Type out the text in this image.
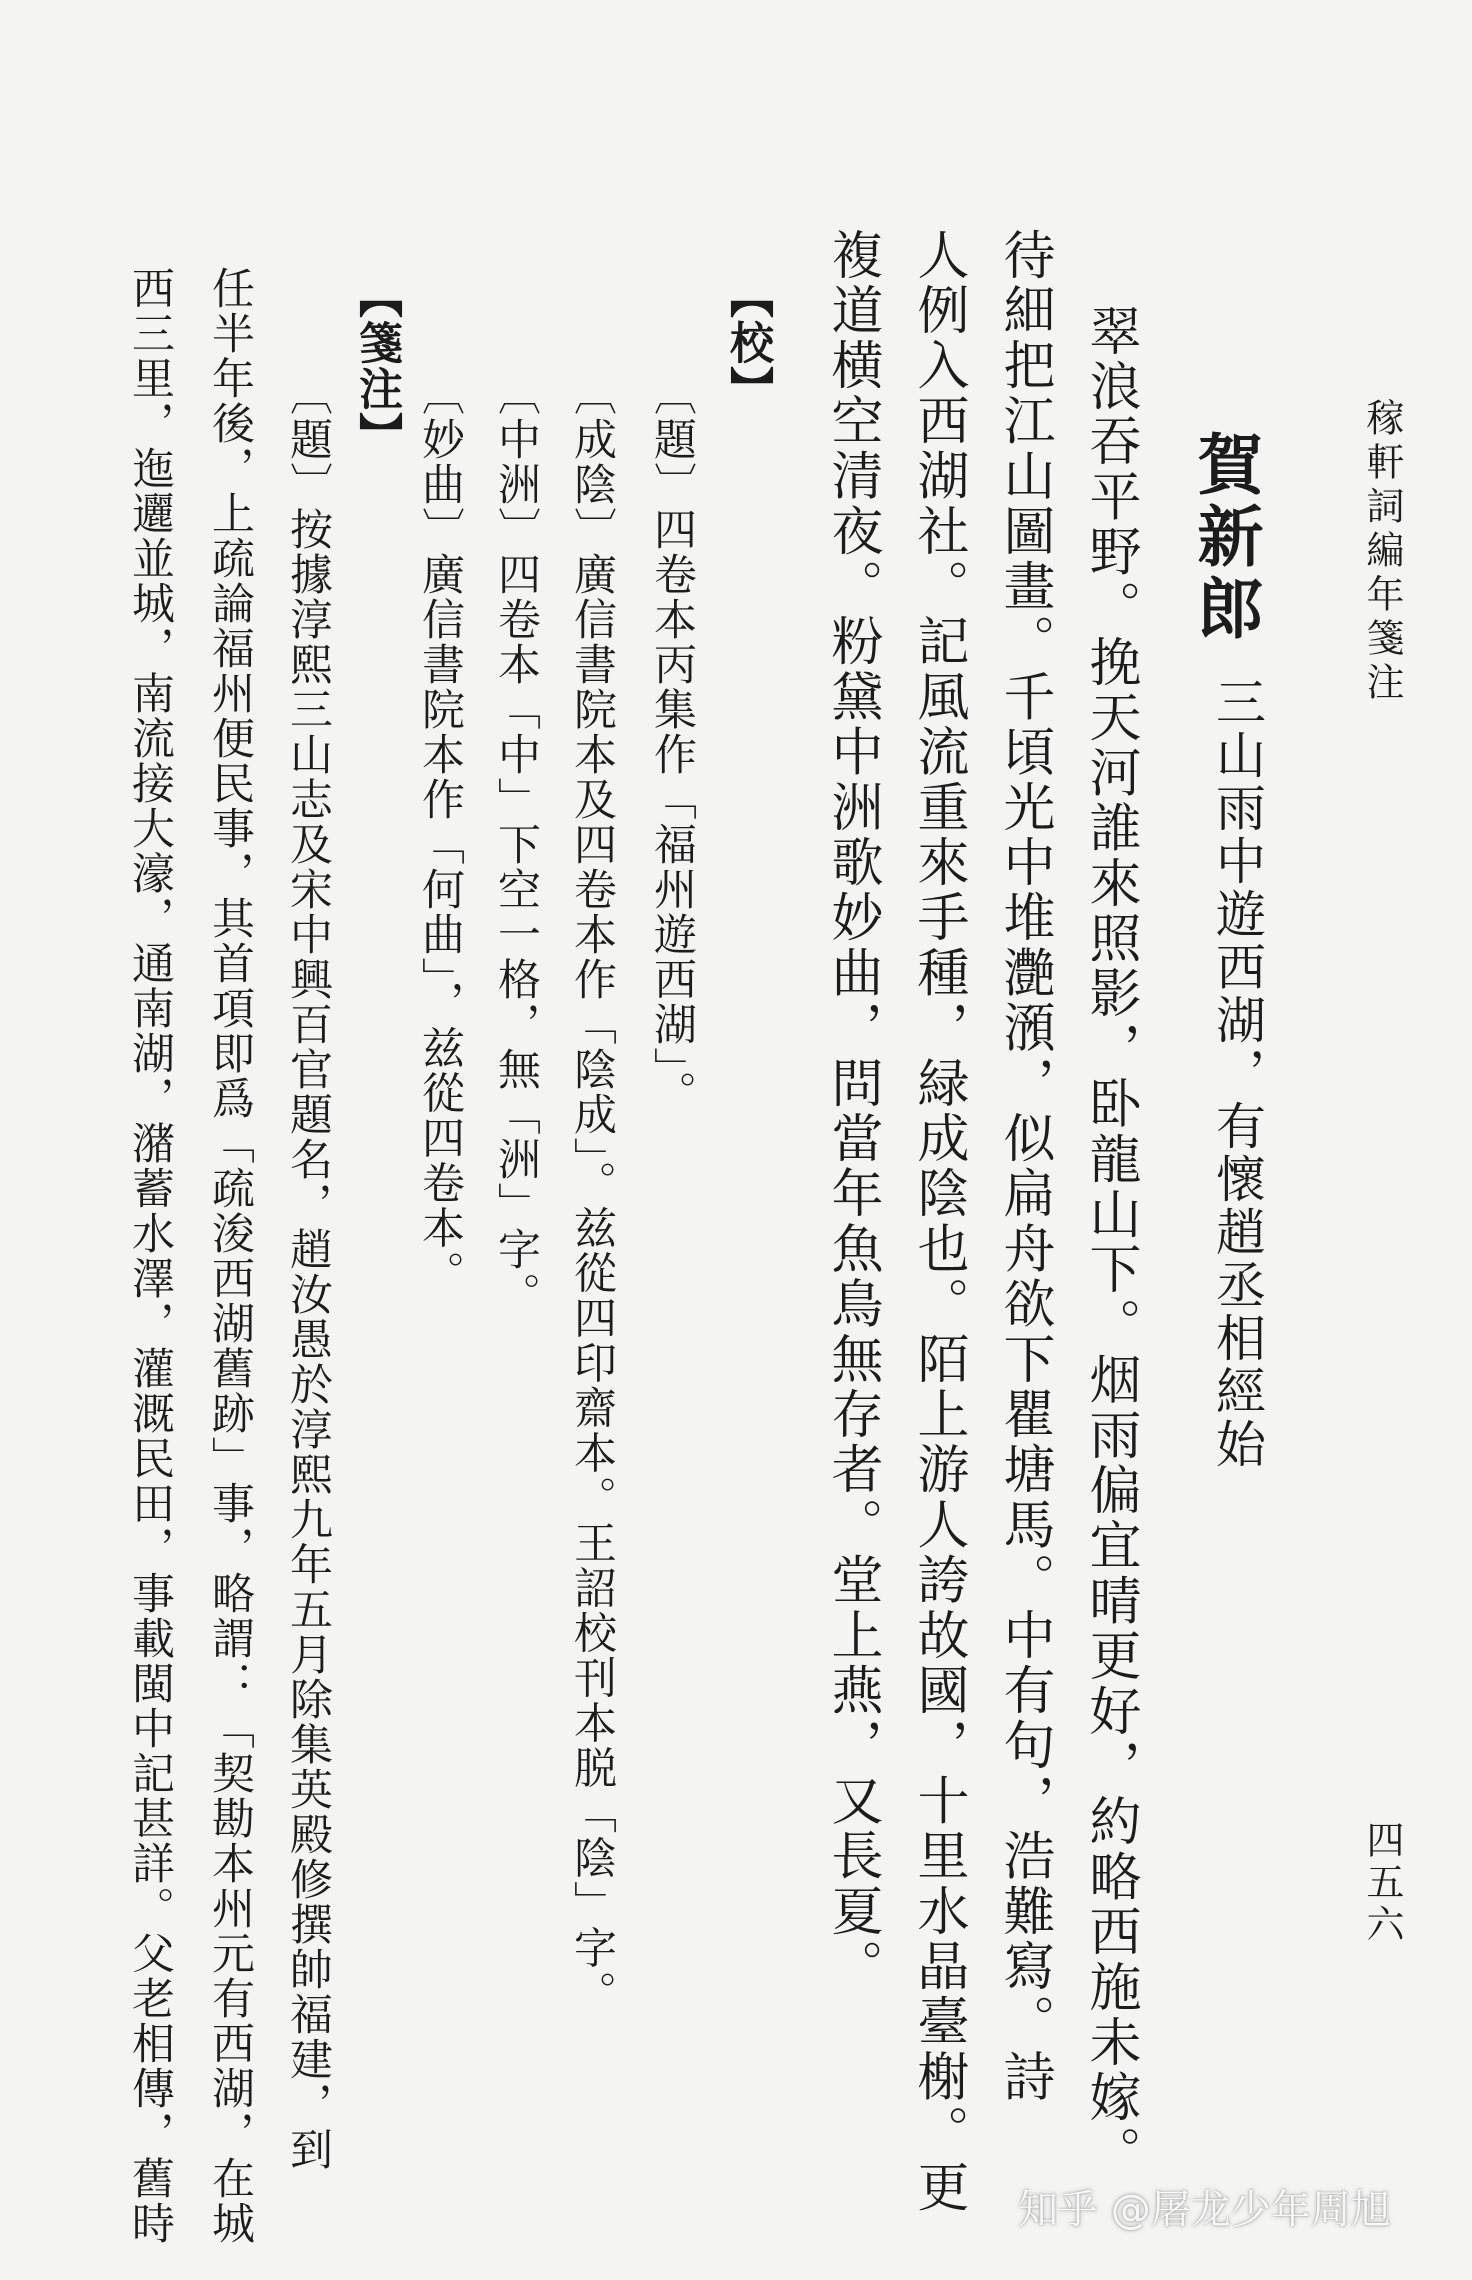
稼軒詞編年箋注
四五六
賀新郎
三山雨中遊西湖，有懷趙丞相經始
翠浪吞平野。挽天河誰來照影，卧龍山下。烟雨偏宜晴更好，約略西施未嫁。
待細把江山圖畫。千頃光中堆灔澦，似扁舟欲下瞿塘馬。中有句，浩難寫。詩
人例入西湖社。記風流重來手種，緑成陰也。陌上游人誇故國，十里水晶臺榭。更
複道横空清夜。粉黛中洲歌妙曲，問當年魚鳥無存者。堂上燕，又長夏。
【校】
〔題〕四卷本丙集作「福州遊西湖」。
〔成陰〕廣信書院本及四卷本作「陰成」。兹從四印齋本。王詔校刊本脱「陰」字。
〔中洲〕四卷本「中」下空一格，無「洲」字。
〔妙曲〕廣信書院本作「何曲」，兹從四卷本。
【箋注】
〔題〕按據淳熙三山志及宋中興百官題名，趙汝愚於淳熙九年五月除集英殿修撰帥福建，到
任半年後，上疏論福州便民事，其首項即爲「疏浚西湖舊跡」事，略謂：「契勘本州元有西湖，在城
西三里，迤邐並城，南流接大濠，通南湖，潴蓄水澤，灌溉民田，事載閩中記甚詳。父老相傳，舊時	知乎 @屠龙少年周旭
